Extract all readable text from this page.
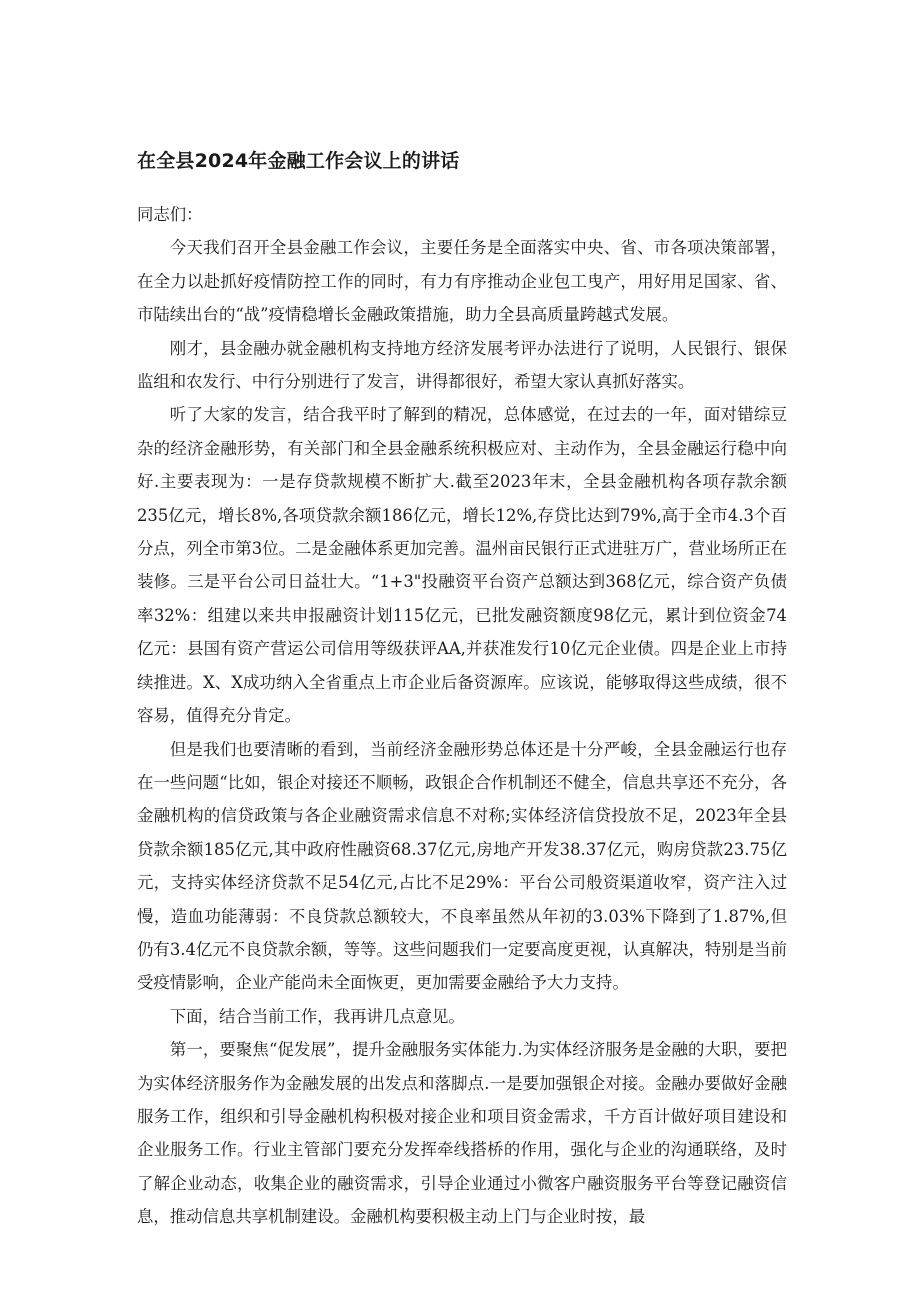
在全县2024年金融工作会议上的讲话

同志们：

今天我们召开全县金融工作会议，主要任务是全面落实中央、省、市各项决策部署，在全力以赴抓好疫情防控工作的同时，有力有序推动企业包工曳产，用好用足国家、省、市陆续出台的“战”疫情稳增长金融政策措施，助力全县高质量跨越式发展。

刚才，县金融办就金融机构支持地方经济发展考评办法进行了说明，人民银行、银保监组和农发行、中行分别进行了发言，讲得都很好，希望大家认真抓好落实。

听了大家的发言，结合我平时了解到的精况，总体感觉，在过去的一年，面对错综豆杂的经济金融形势，有关部门和全县金融系统积极应对、主动作为，全县金融运行稳中向好.主要表现为：一是存贷款规模不断扩大.截至2023年末，全县金融机构各项存款余额235亿元，增长8%,各项贷款余额186亿元，增长12%,存贷比达到79%,高于全市4.3个百分点，列全市第3位。二是金融体系更加完善。温州亩民银行正式进驻万广，营业场所正在装修。三是平台公司日益壮大。“1+3"投融资平台资产总额达到368亿元，综合资产负债率32%：组建以来共申报融资计划115亿元，已批发融资额度98亿元，累计到位资金74亿元：县国有资产营运公司信用等级获评AA,并获准发行10亿元企业债。四是企业上市持续推进。X、X成功纳入全省重点上市企业后备资源库。应该说，能够取得这些成绩，很不容易，值得充分肯定。

但是我们也要清晰的看到，当前经济金融形势总体还是十分严峻，全县金融运行也存在一些问题“比如，银企对接还不顺畅，政银企合作机制还不健全，信息共享还不充分，各金融机构的信贷政策与各企业融资需求信息不对称;实体经济信贷投放不足，2023年全县贷款余额185亿元,其中政府性融资68.37亿元,房地产开发38.37亿元，购房贷款23.75亿元，支持实体经济贷款不足54亿元,占比不足29%：平台公司般资渠道收窄，资产注入过慢，造血功能薄弱：不良贷款总额较大，不良率虽然从年初的3.03%下降到了1.87%,但仍有3.4亿元不良贷款余额，等等。这些问题我们一定要高度更视，认真解决，特别是当前受疫情影响，企业产能尚未全面恢更，更加需要金融给予大力支持。

下面，结合当前工作，我再讲几点意见。

第一，要聚焦“促发展”，提升金融服务实体能力.为实体经济服务是金融的大职，要把为实体经济服务作为金融发展的出发点和落脚点.一是要加强银企对接。金融办要做好金融服务工作，组织和引导金融机构积极对接企业和项目资金需求，千方百计做好项目建设和企业服务工作。行业主管部门要充分发挥牵线搭桥的作用，强化与企业的沟通联络，及时了解企业动态，收集企业的融资需求，引导企业通过小微客户融资服务平台等登记融资信息，推动信息共享机制建设。金融机构要积极主动上门与企业时按，最
